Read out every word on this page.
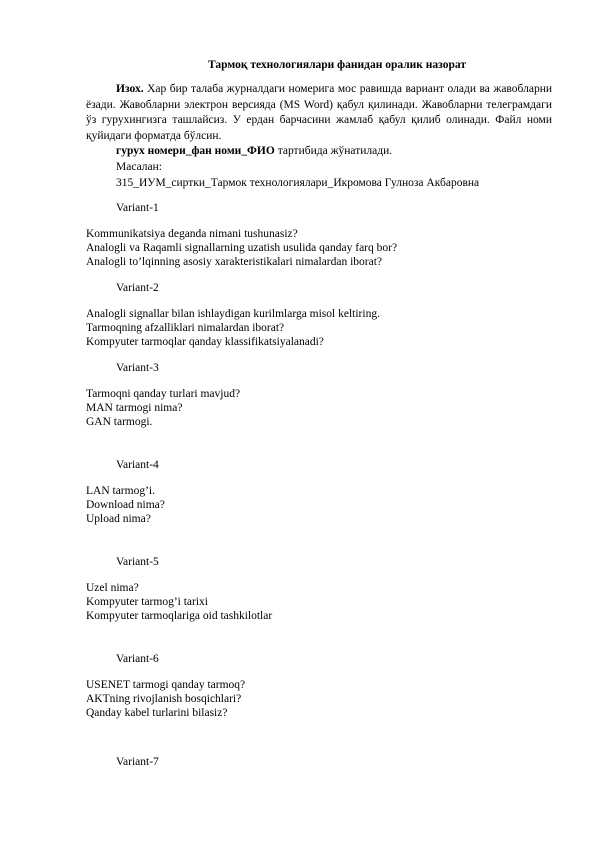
Тармоқ технологиялари фанидан оралик назорат
Изох. Хар бир талаба журналдаги номерига мос равишда вариант олади ва жавобларни ёзади. Жавобларни электрон версияда (MS Word) қабул қилинади. Жавобларни телеграмдаги ўз гурухингизга ташлайсиз. У ердан барчасини жамлаб қабул қилиб олинади. Файл номи қуйидаги форматда бўлсин.
гурух номери_фан номи_ФИО тартибида жўнатилади.
Масалан:
315_ИУМ_сиртки_Тармок технологиялари_Икромова Гулноза Акбаровна
Variant-1
Kommunikatsiya deganda nimani tushunasiz?
Analogli va Raqamli signallarning uzatish usulida qanday farq bor?
Analogli to’lqinning asosiy xarakteristikalari nimalardan iborat?
Variant-2
Analogli signallar bilan ishlaydigan kurilmlarga misol keltiring.
Tarmoqning afzalliklari nimalardan iborat?
Kompyuter tarmoqlar qanday klassifikatsiyalanadi?
Variant-3
Tarmoqni qanday turlari mavjud?
MAN tarmogi nima?
GAN tarmogi.
Variant-4
LAN tarmog’i.
Download nima?
Upload nima?
Variant-5
Uzel nima?
Kompyuter tarmog’i tarixi
Kompyuter tarmoqlariga oid tashkilotlar
Variant-6
USENET tarmogi qanday tarmoq?
AKTning rivojlanish bosqichlari?
Qanday kabel turlarini bilasiz?
Variant-7
